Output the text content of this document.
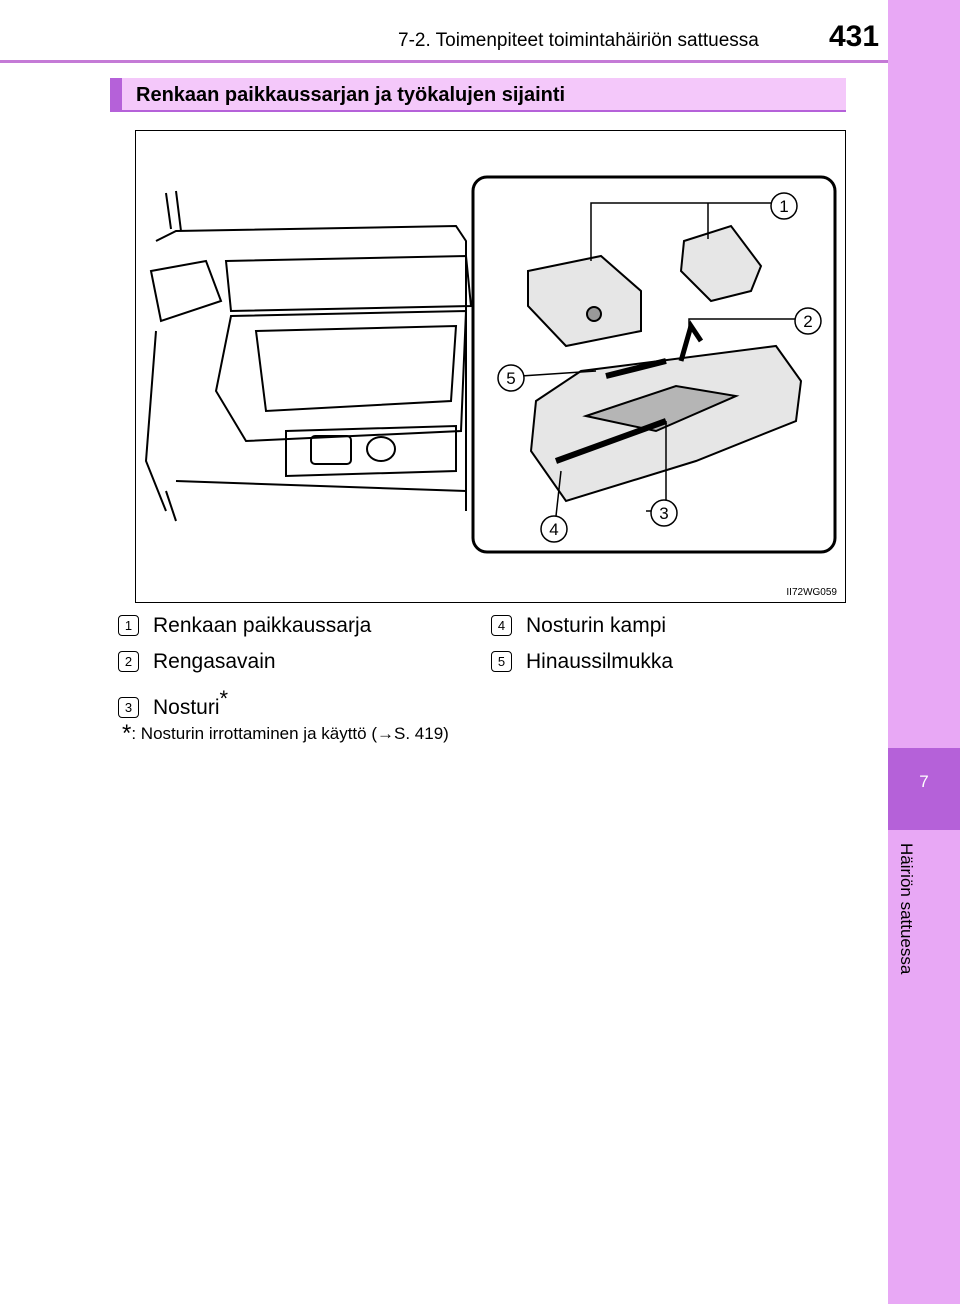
7-2. Toimenpiteet toimintahäiriön sattuessa 431
7
Häiriön sattuessa
Renkaan paikkaussarjan ja työkalujen sijainti
1
2
3
4
5
II72WG059
1 Renkaan paikkaussarja
2 Rengasavain
3 Nosturi*
4 Nosturin kampi
5 Hinaussilmukka
*: Nosturin irrottaminen ja käyttö (→S. 419)
